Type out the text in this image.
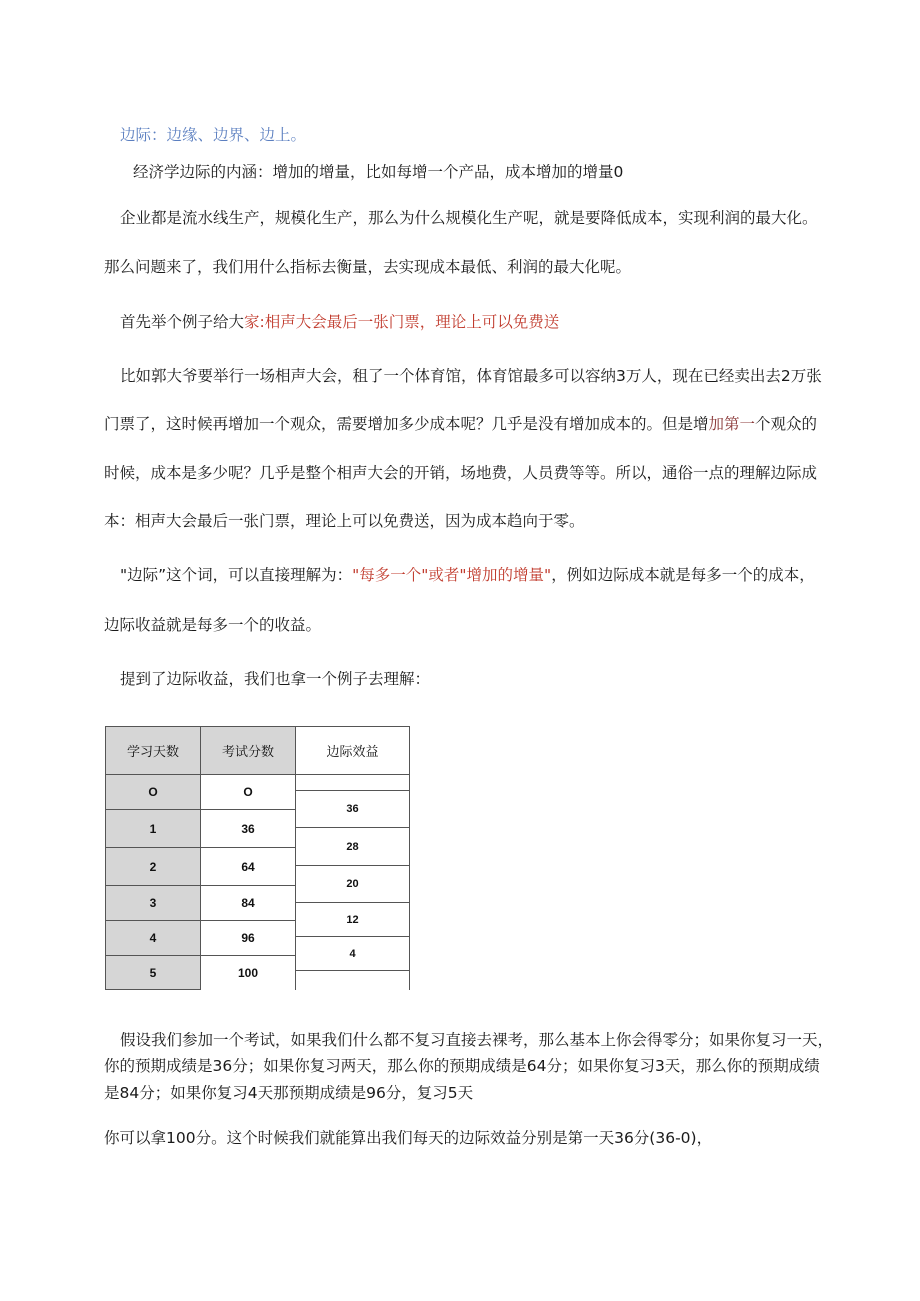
边际：边缘、边界、边上。
经济学边际的内涵：增加的增量，比如每增一个产品，成本增加的增量0
企业都是流水线生产，规模化生产，那么为什么规模化生产呢，就是要降低成本，实现利润的最大化。
那么问题来了，我们用什么指标去衡量，去实现成本最低、利润的最大化呢。
首先举个例子给大家:相声大会最后一张门票，理论上可以免费送
比如郭大爷要举行一场相声大会，租了一个体育馆，体育馆最多可以容纳3万人，现在已经卖出去2万张
门票了，这时候再增加一个观众，需要增加多少成本呢？几乎是没有增加成本的。但是增加第一个观众的
时候，成本是多少呢？几乎是整个相声大会的开销，场地费，人员费等等。所以，通俗一点的理解边际成
本：相声大会最后一张门票，理论上可以免费送，因为成本趋向于零。
"边际”这个词，可以直接理解为："每多一个"或者"增加的增量"，例如边际成本就是每多一个的成本，
边际收益就是每多一个的收益。
提到了边际收益，我们也拿一个例子去理解：
学习天数	考试分数	边际效益
O
1
2
3
4
5
O
36
64
84
96
100
36
28
20
12
4
假设我们参加一个考试，如果我们什么都不复习直接去裸考，那么基本上你会得零分；如果你复习一天，
你的预期成绩是36分；如果你复习两天，那么你的预期成绩是64分；如果你复习3天，那么你的预期成绩
是84分；如果你复习4天那预期成绩是96分，复习5天
你可以拿100分。这个时候我们就能算出我们每天的边际效益分别是第一天36分(36-0)，
